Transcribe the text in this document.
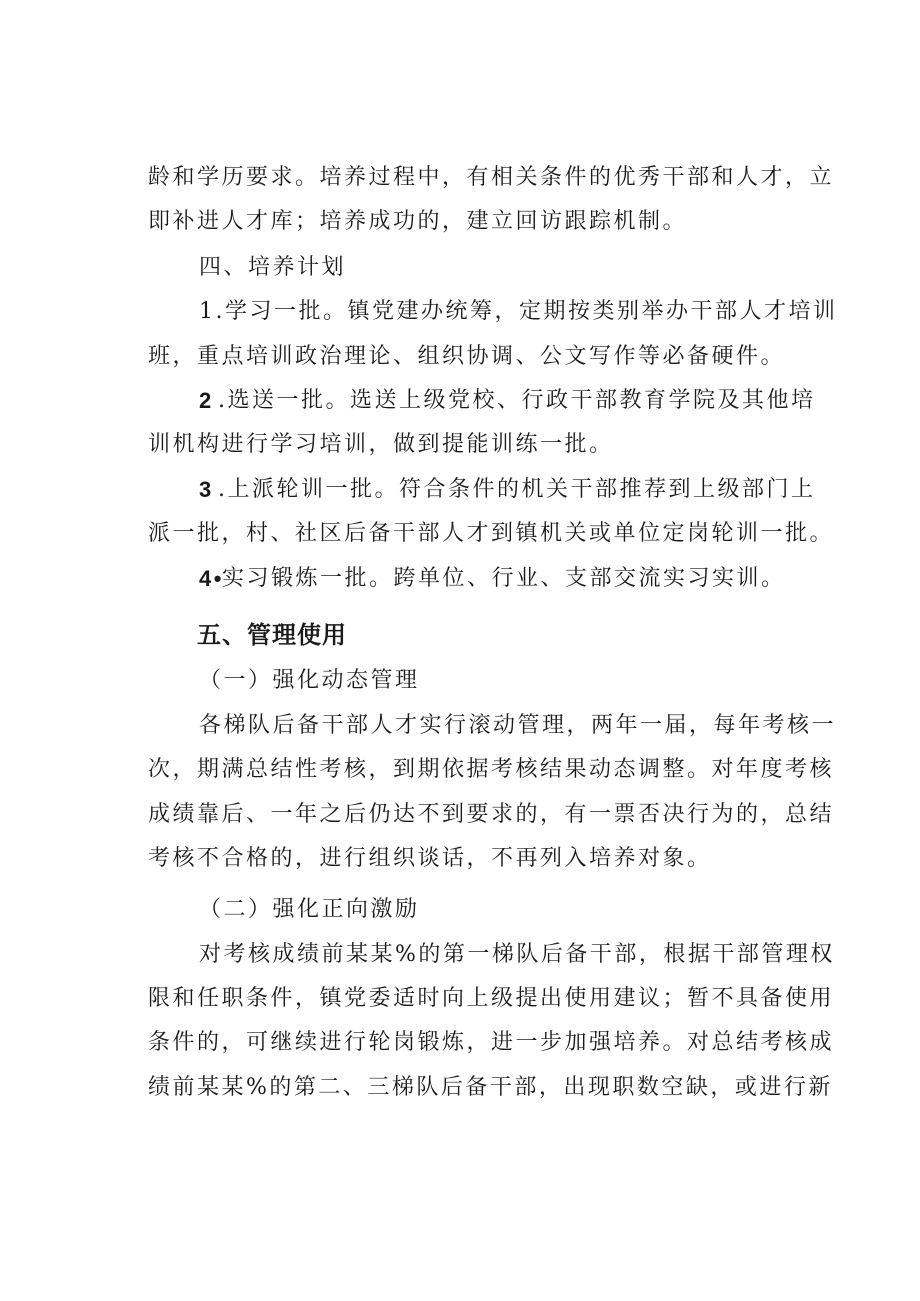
龄和学历要求。培养过程中，有相关条件的优秀干部和人才，立
即补进人才库；培养成功的，建立回访跟踪机制。
四、培养计划
1.学习一批。镇党建办统筹，定期按类别举办干部人才培训
班，重点培训政治理论、组织协调、公文写作等必备硬件。
2 .选送一批。选送上级党校、行政干部教育学院及其他培
训机构进行学习培训，做到提能训练一批。
3 .上派轮训一批。符合条件的机关干部推荐到上级部门上
派一批，村、社区后备干部人才到镇机关或单位定岗轮训一批。
4•
实习锻炼一批。跨单位、行业、支部交流实习实训。
五、管理使用
（一）强化动态管理
各梯队后备干部人才实行滚动管理，两年一届，每年考核一
次，期满总结性考核，到期依据考核结果动态调整。对年度考核
成绩靠后、一年之后仍达不到要求的，有一票否决行为的，总结
考核不合格的，进行组织谈话，不再列入培养对象。
（二）强化正向激励
对考核成绩前某某%的第一梯队后备干部，根据干部管理权
限和任职条件，镇党委适时向上级提出使用建议；暂不具备使用
条件的，可继续进行轮岗锻炼，进一步加强培养。对总结考核成
绩前某某%的第二、三梯队后备干部，出现职数空缺，或进行新
